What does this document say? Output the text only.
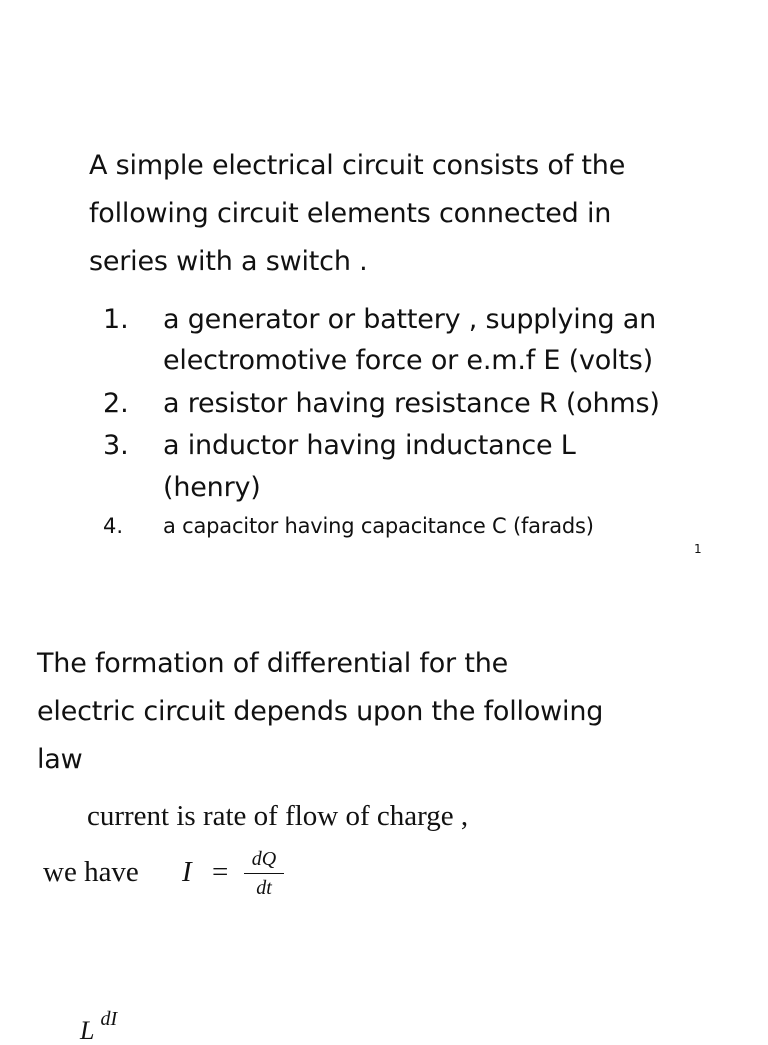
A simple electrical circuit consists of the
following circuit elements connected in
series with a switch .
1. a generator or battery , supplying an
electromotive force or e.m.f E (volts)
2. a resistor having resistance R (ohms)
3. a inductor having inductance L
(henry)
4. a capacitor having capacitance C (farads)
1
The formation of differential for the
electric circuit depends upon the following
law
current is rate of flow of charge ,
we have I =	dQ
dt
L dI
